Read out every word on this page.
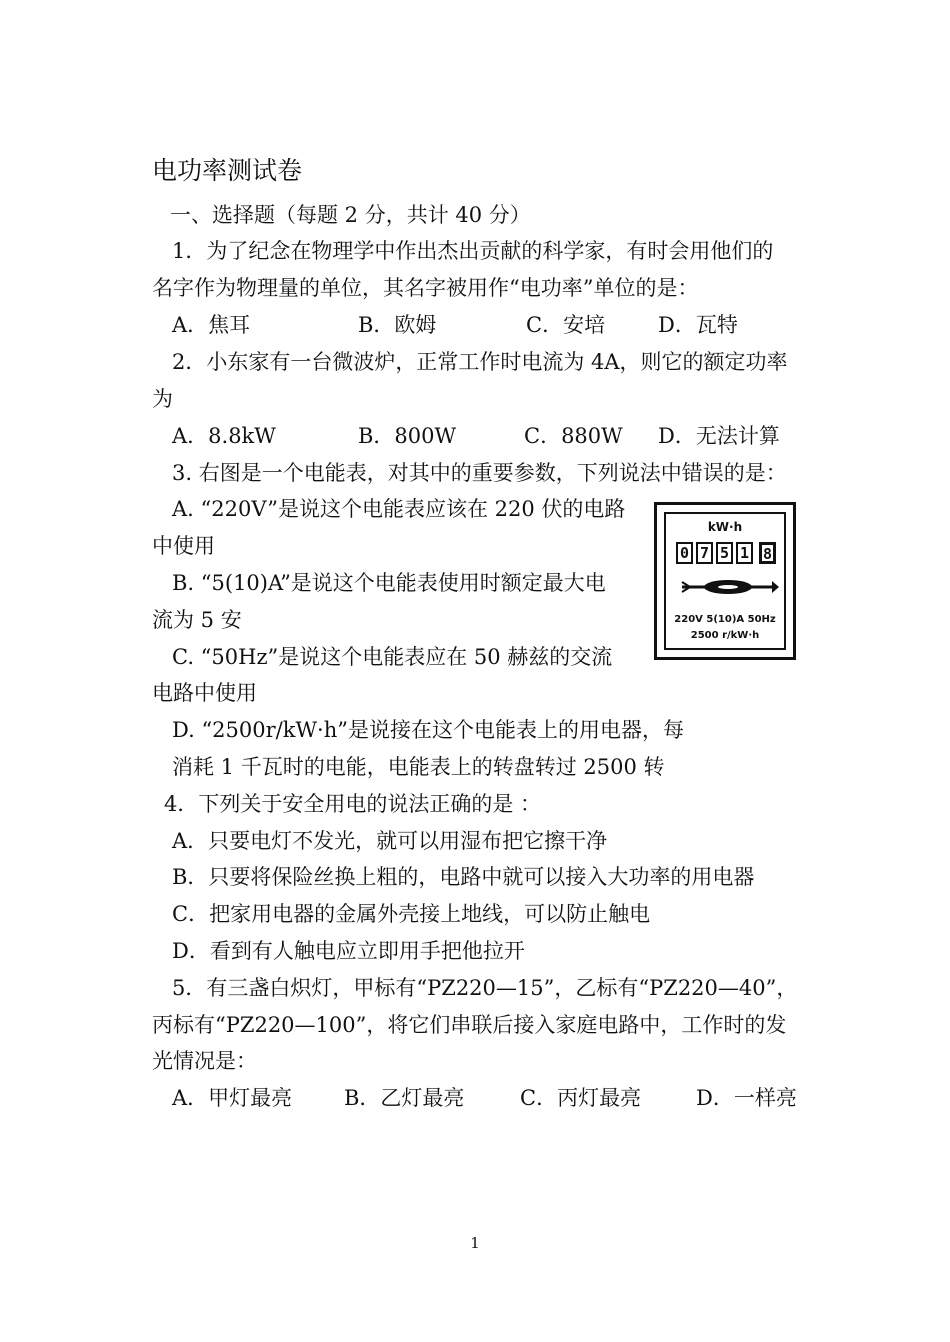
电功率测试卷
一、选择题（每题 2 分，共计 40 分）
1．为了纪念在物理学中作出杰出贡献的科学家，有时会用他们的
名字作为物理量的单位，其名字被用作“电功率”单位的是：
A．焦耳	B．欧姆	C．安培	D．瓦特
2．小东家有一台微波炉，正常工作时电流为 4A，则它的额定功率
为
A．8.8kW	B．800W	C．880W D．无法计算
3. 右图是一个电能表，对其中的重要参数，下列说法中错误的是：
A. “220V”是说这个电能表应该在 220 伏的电路
中使用
B. “5(10)A”是说这个电能表使用时额定最大电
流为 5 安
C. “50Hz”是说这个电能表应在 50 赫兹的交流
电路中使用
D. “2500r/kW·h”是说接在这个电能表上的用电器，每
消耗 1 千瓦时的电能，电能表上的转盘转过 2500 转
kW·h
0 7 5 1 8
220V 5(10)A 50Hz
2500 r/kW·h
4．下列关于安全用电的说法正确的是 ：
A．只要电灯不发光，就可以用湿布把它擦干净
B．只要将保险丝换上粗的，电路中就可以接入大功率的用电器
C．把家用电器的金属外壳接上地线，可以防止触电
D．看到有人触电应立即用手把他拉开
5．有三盏白炽灯，甲标有“PZ220—15”，乙标有“PZ220—40”，
丙标有“PZ220—100”，将它们串联后接入家庭电路中，工作时的发
光情况是：
A．甲灯最亮 B．乙灯最亮	C．丙灯最亮	D．一样亮
1
